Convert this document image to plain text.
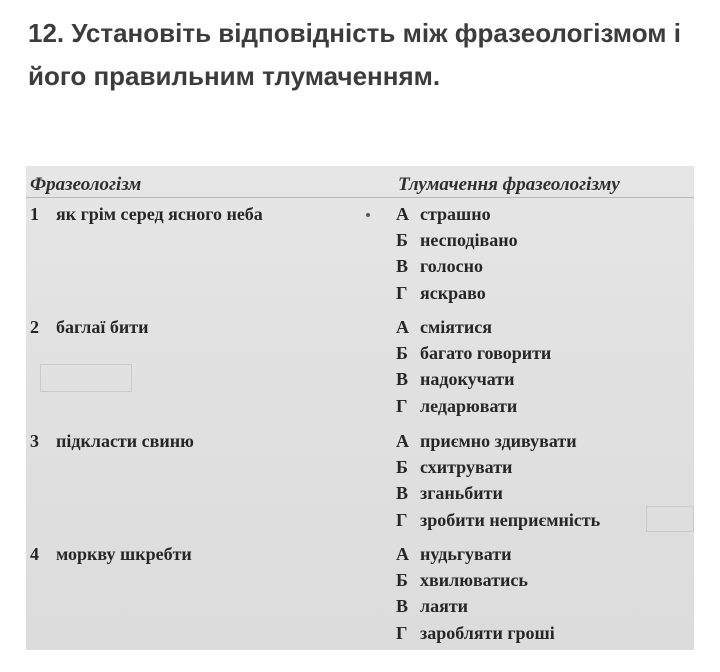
12. Установіть відповідність між фразеологізмом і його правильним тлумаченням.
Фразеологізм	Тлумачення фразеологізму
1 як грім серед ясного неба	А страшно
Б несподівано
В голосно
Г яскраво
2 баглаї бити	А сміятися
Б багато говорити
В надокучати
Г ледарювати
3 підкласти свиню	А приємно здивувати
Б схитрувати
В зганьбити
Г зробити неприємність
4 моркву шкребти	А нудьгувати
Б хвилюватись
В лаяти
Г заробляти гроші
